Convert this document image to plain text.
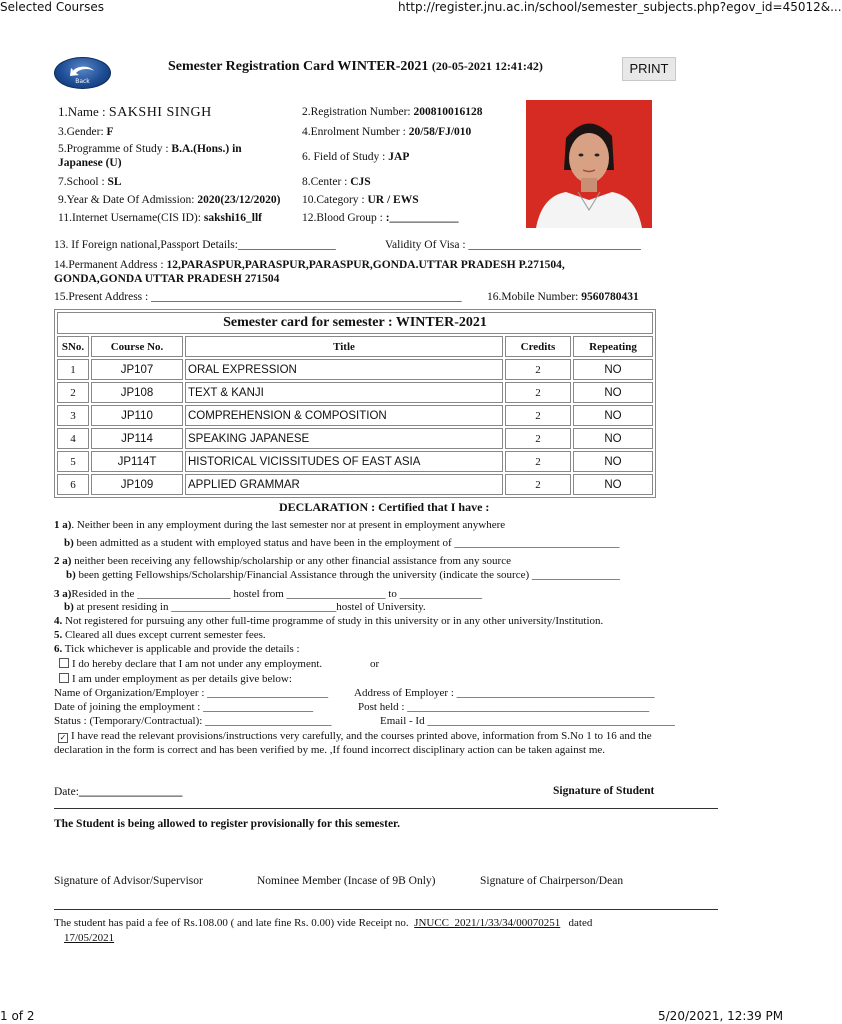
Selected Courses	http://register.jnu.ac.in/school/semester_subjects.php?egov_id=45012&...
Back
Semester Registration Card WINTER-2021 (20-05-2021 12:41:42)	PRINT
1.Name : SAKSHI SINGH	2.Registration Number: 200810016128
3.Gender: F	4.Enrolment Number : 20/58/FJ/010
5.Programme of Study : B.A.(Hons.) in
Japanese (U)	6. Field of Study : JAP
7.School : SL	8.Center : CJS
9.Year & Date Of Admission: 2020(23/12/2020) 10.Category : UR / EWS
11.Internet Username(CIS ID): sakshi16_llf	12.Blood Group : :____________
13. If Foreign national,Passport Details:_________________	Validity Of Visa : ______________________________
14.Permanent Address : 12,PARASPUR,PARASPUR,PARASPUR,GONDA.UTTAR PRADESH P.271504,
GONDA,GONDA UTTAR PRADESH 271504
15.Present Address : ______________________________________________________ 16.Mobile Number: 9560780431
Semester card for semester : WINTER-2021				
SNo.	Course No.	Title	Credits	Repeating
1	JP107	ORAL EXPRESSION	2	NO
2	JP108	TEXT & KANJI	2	NO
3	JP110	COMPREHENSION & COMPOSITION	2	NO
4	JP114	SPEAKING JAPANESE	2	NO
5	JP114T	HISTORICAL VICISSITUDES OF EAST ASIA	2	NO
6	JP109	APPLIED GRAMMAR	2	NO
DECLARATION : Certified that I have :
1 a). Neither been in any employment during the last semester nor at present in employment anywhere
b) been admitted as a student with employed status and have been in the employment of ______________________________
2 a) neither been receiving any fellowship/scholarship or any other financial assistance from any source
b) been getting Fellowships/Scholarship/Financial Assistance through the university (indicate the source) ________________
3 a)Resided in the _________________ hostel from __________________ to _______________
b) at present residing in ______________________________hostel of University.
4. Not registered for pursuing any other full-time programme of study in this university or in any other university/Institution.
5. Cleared all dues except current semester fees.
6. Tick whichever is applicable and provide the details :
I do hereby declare that I am not under any employment.	or
I am under employment as per details give below:
Name of Organization/Employer : ______________________ Address of Employer : ____________________________________
Date of joining the employment : ____________________	Post held : ____________________________________________
Status : (Temporary/Contractual): _______________________	Email - Id _____________________________________________
✓ I have read the relevant provisions/instructions very carefully, and the courses printed above, information from S.No 1 to 16 and the
declaration in the form is correct and has been verified by me. ,If found incorrect disciplinary action can be taken against me.
Date:__________________	Signature of Student
The Student is being allowed to register provisionally for this semester.
Signature of Advisor/Supervisor	Nominee Member (Incase of 9B Only)	Signature of Chairperson/Dean
The student has paid a fee of Rs.108.00 ( and late fine Rs. 0.00) vide Receipt no. JNUCC_2021/1/33/34/00070251 dated
17/05/2021
1 of 2	5/20/2021, 12:39 PM
